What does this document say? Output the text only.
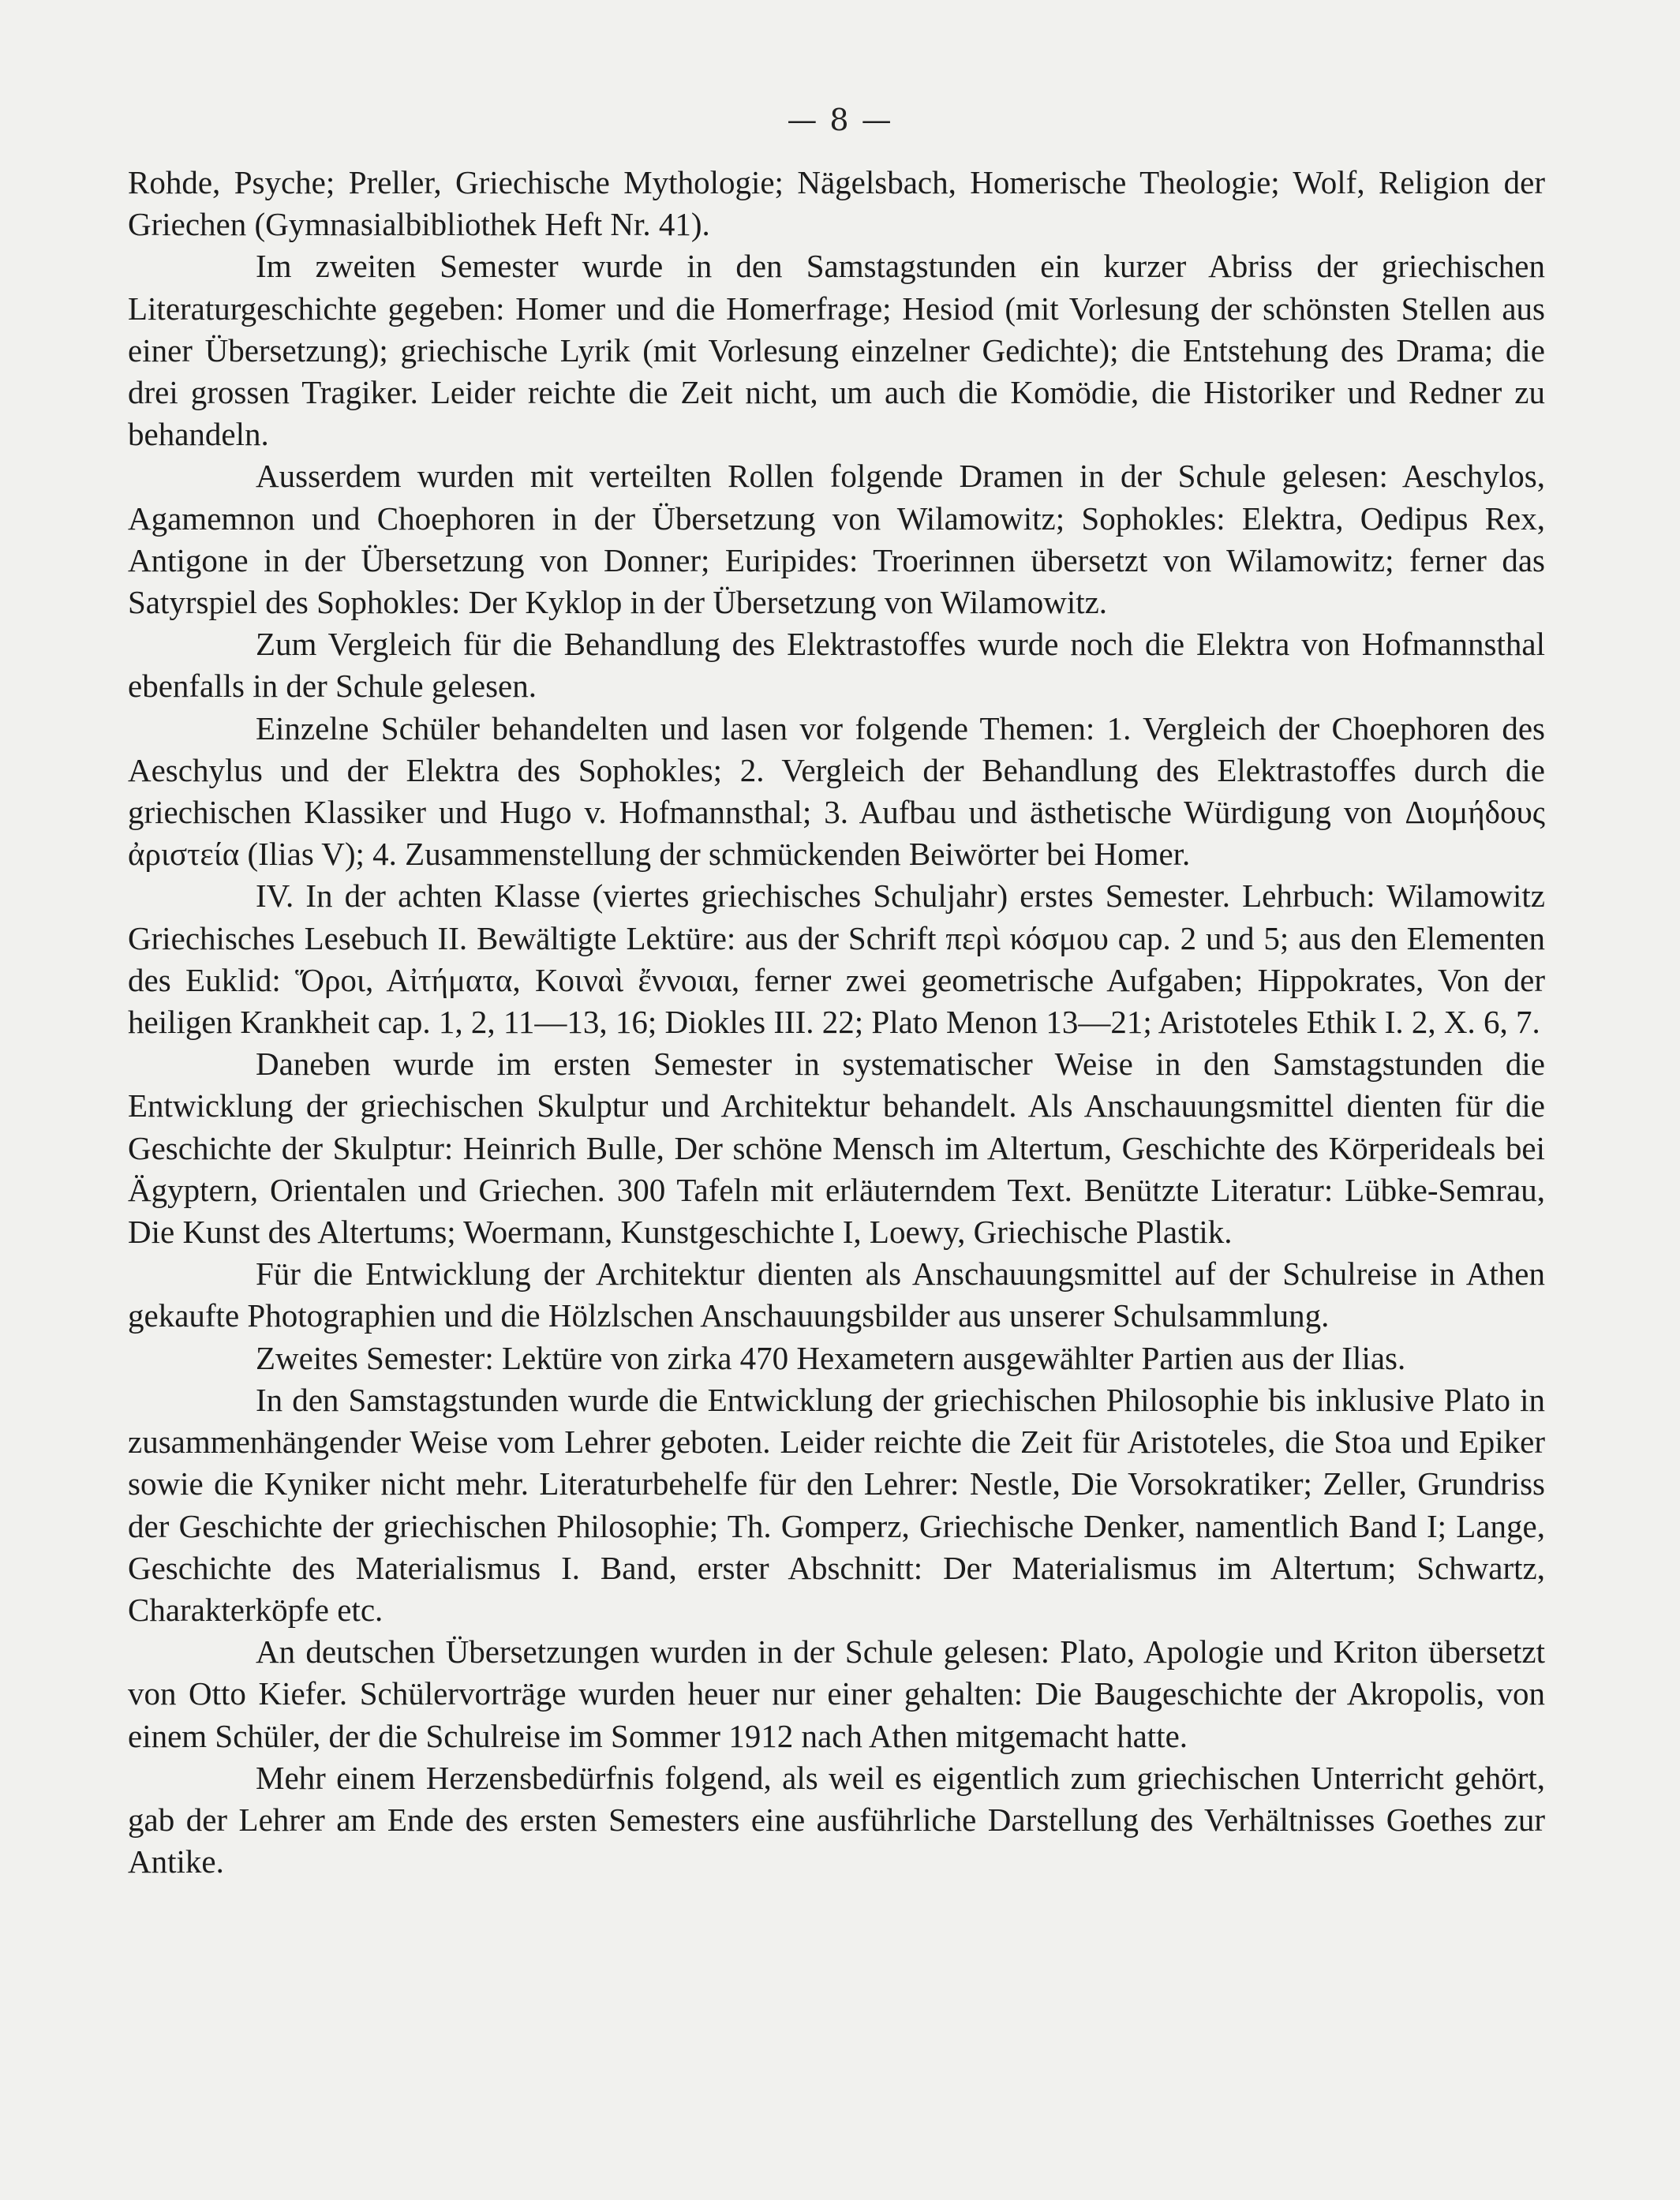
— 8 —

Rohde, Psyche; Preller, Griechische Mythologie; Nägelsbach, Homerische Theologie; Wolf, Religion der Griechen (Gymnasialbibliothek Heft Nr. 41).

Im zweiten Semester wurde in den Samstagstunden ein kurzer Abriss der griechischen Literaturgeschichte gegeben: Homer und die Homerfrage; Hesiod (mit Vorlesung der schönsten Stellen aus einer Übersetzung); griechische Lyrik (mit Vorlesung einzelner Gedichte); die Entstehung des Drama; die drei grossen Tragiker. Leider reichte die Zeit nicht, um auch die Komödie, die Historiker und Redner zu behandeln.

Ausserdem wurden mit verteilten Rollen folgende Dramen in der Schule gelesen: Aeschylos, Agamemnon und Choephoren in der Übersetzung von Wilamowitz; Sophokles: Elektra, Oedipus Rex, Antigone in der Übersetzung von Donner; Euripides: Troerinnen übersetzt von Wilamowitz; ferner das Satyrspiel des Sophokles: Der Kyklop in der Übersetzung von Wilamowitz.

Zum Vergleich für die Behandlung des Elektrastoffes wurde noch die Elektra von Hofmannsthal ebenfalls in der Schule gelesen.

Einzelne Schüler behandelten und lasen vor folgende Themen: 1. Vergleich der Choephoren des Aeschylus und der Elektra des Sophokles; 2. Vergleich der Behandlung des Elektrastoffes durch die griechischen Klassiker und Hugo v. Hofmannsthal; 3. Aufbau und ästhetische Würdigung von Διομήδους ἀριστεία (Ilias V); 4. Zusammenstellung der schmückenden Beiwörter bei Homer.

IV. In der achten Klasse (viertes griechisches Schuljahr) erstes Semester. Lehrbuch: Wilamowitz Griechisches Lesebuch II. Bewältigte Lektüre: aus der Schrift περὶ κόσμου cap. 2 und 5; aus den Elementen des Euklid: Ὅροι, Αἰτήματα, Κοιναὶ ἔννοιαι, ferner zwei geometrische Aufgaben; Hippokrates, Von der heiligen Krankheit cap. 1, 2, 11—13, 16; Diokles III. 22; Plato Menon 13—21; Aristoteles Ethik I. 2, X. 6, 7.

Daneben wurde im ersten Semester in systematischer Weise in den Samstagstunden die Entwicklung der griechischen Skulptur und Architektur behandelt. Als Anschauungsmittel dienten für die Geschichte der Skulptur: Heinrich Bulle, Der schöne Mensch im Altertum, Geschichte des Körperideals bei Ägyptern, Orientalen und Griechen. 300 Tafeln mit erläuterndem Text. Benützte Literatur: Lübke-Semrau, Die Kunst des Altertums; Woermann, Kunstgeschichte I, Loewy, Griechische Plastik.

Für die Entwicklung der Architektur dienten als Anschauungsmittel auf der Schulreise in Athen gekaufte Photographien und die Hölzlschen Anschauungsbilder aus unserer Schulsammlung.

Zweites Semester: Lektüre von zirka 470 Hexametern ausgewählter Partien aus der Ilias.

In den Samstagstunden wurde die Entwicklung der griechischen Philosophie bis inklusive Plato in zusammenhängender Weise vom Lehrer geboten. Leider reichte die Zeit für Aristoteles, die Stoa und Epiker sowie die Kyniker nicht mehr. Literaturbehelfe für den Lehrer: Nestle, Die Vorsokratiker; Zeller, Grundriss der Geschichte der griechischen Philosophie; Th. Gomperz, Griechische Denker, namentlich Band I; Lange, Geschichte des Materialismus I. Band, erster Abschnitt: Der Materialismus im Altertum; Schwartz, Charakterköpfe etc.

An deutschen Übersetzungen wurden in der Schule gelesen: Plato, Apologie und Kriton übersetzt von Otto Kiefer. Schülervorträge wurden heuer nur einer gehalten: Die Baugeschichte der Akropolis, von einem Schüler, der die Schulreise im Sommer 1912 nach Athen mitgemacht hatte.

Mehr einem Herzensbedürfnis folgend, als weil es eigentlich zum griechischen Unterricht gehört, gab der Lehrer am Ende des ersten Semesters eine ausführliche Darstellung des Verhältnisses Goethes zur Antike.
